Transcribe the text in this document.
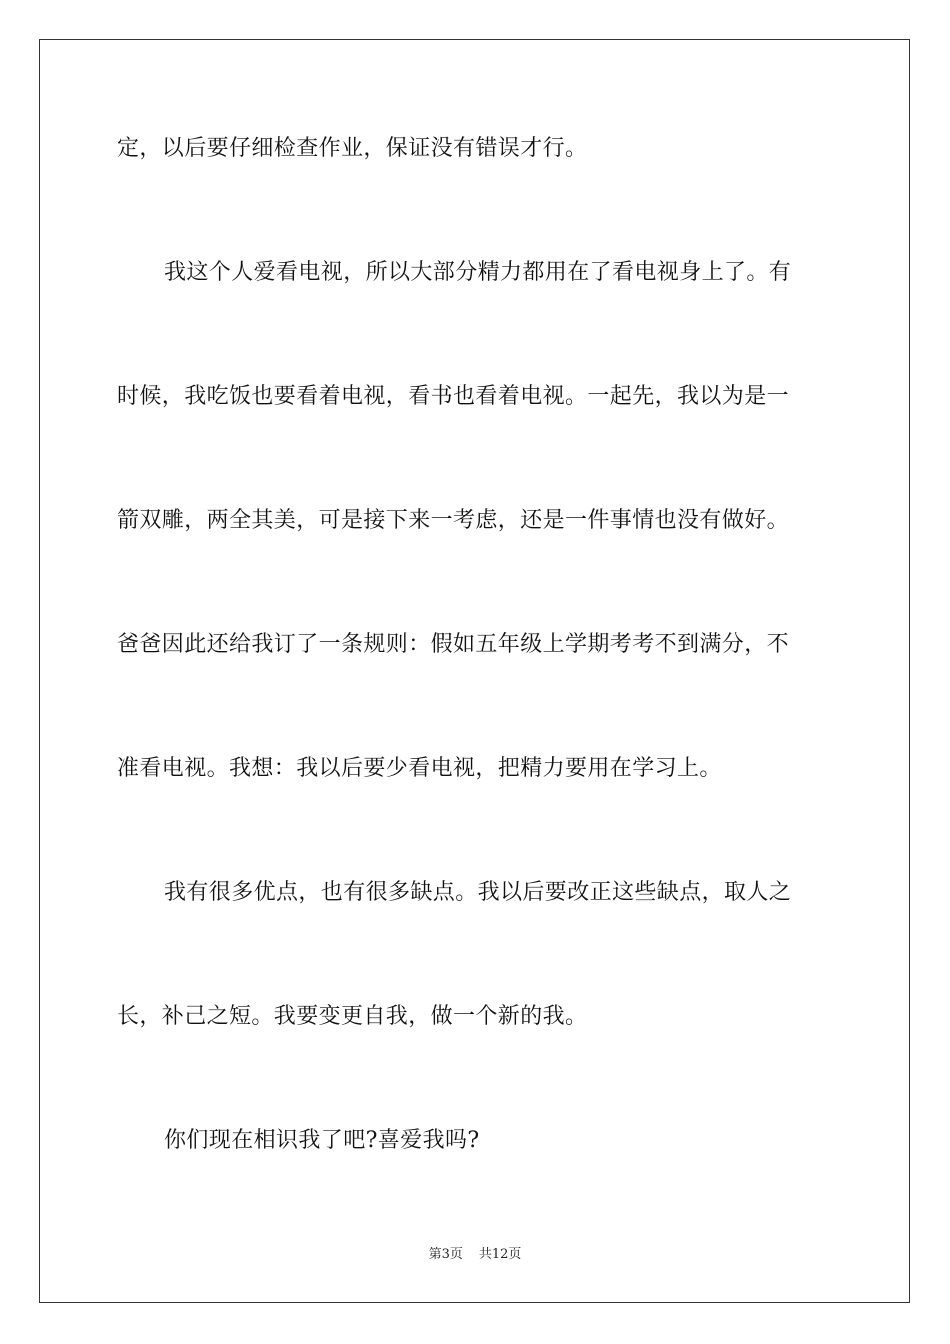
定，以后要仔细检查作业，保证没有错误才行。
我这个人爱看电视，所以大部分精力都用在了看电视身上了。有
时候，我吃饭也要看着电视，看书也看着电视。一起先，我以为是一
箭双雕，两全其美，可是接下来一考虑，还是一件事情也没有做好。
爸爸因此还给我订了一条规则：假如五年级上学期考考不到满分，不
准看电视。我想：我以后要少看电视，把精力要用在学习上。
我有很多优点，也有很多缺点。我以后要改正这些缺点，取人之
长，补己之短。我要变更自我，做一个新的我。
你们现在相识我了吧?喜爱我吗?
第3页 共12页
